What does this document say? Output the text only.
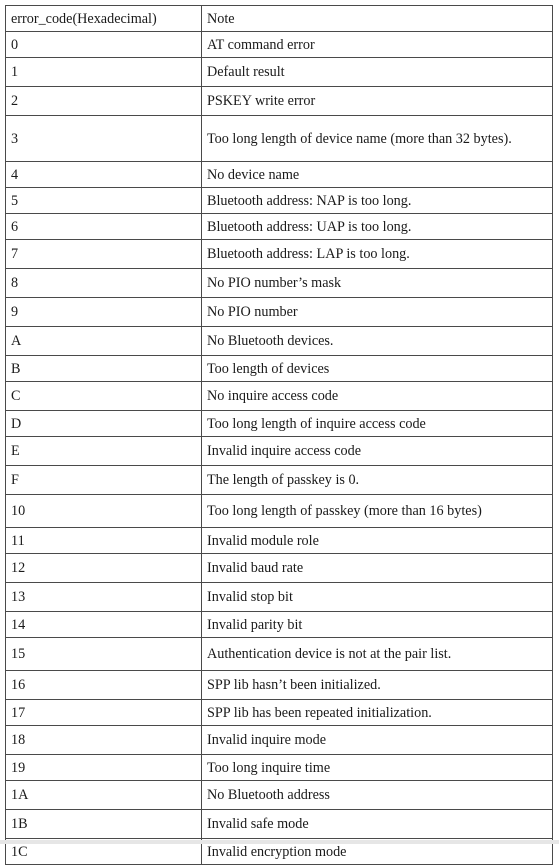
error_code(Hexadecimal)	Note
0	AT command error
1	Default result
2	PSKEY write error
3	Too long length of device name (more than 32 bytes).
4	No device name
5	Bluetooth address: NAP is too long.
6	Bluetooth address: UAP is too long.
7	Bluetooth address: LAP is too long.
8	No PIO number’s mask
9	No PIO number
A	No Bluetooth devices.
B	Too length of devices
C	No inquire access code
D	Too long length of inquire access code
E	Invalid inquire access code
F	The length of passkey is 0.
10	Too long length of passkey (more than 16 bytes)
11	Invalid module role
12	Invalid baud rate
13	Invalid stop bit
14	Invalid parity bit
15	Authentication device is not at the pair list.
16	SPP lib hasn’t been initialized.
17	SPP lib has been repeated initialization.
18	Invalid inquire mode
19	Too long inquire time
1A	No Bluetooth address
1B	Invalid safe mode
1C	Invalid encryption mode
